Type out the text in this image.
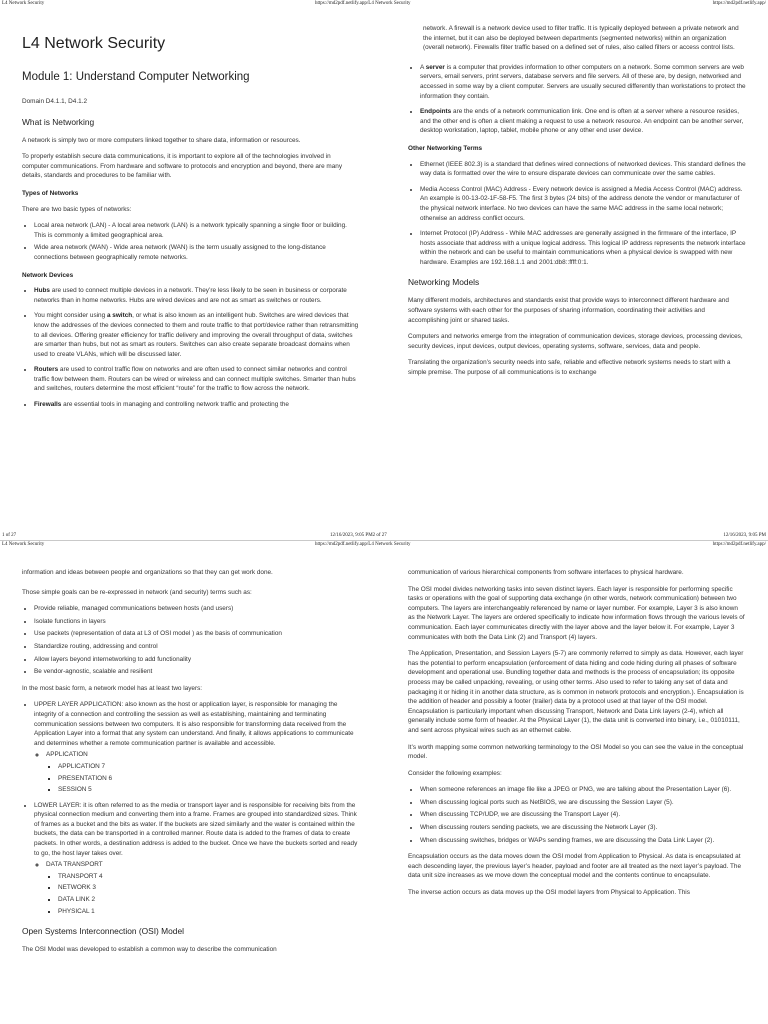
L4 Network Security	https://md2pdf.netlify.app/L4 Network Security	https://md2pdf.netlify.app/
L4 Network Security
Module 1: Understand Computer Networking

Domain D4.1.1, D4.1.2

What is Networking

A network is simply two or more computers linked together to share data, information or resources.

To properly establish secure data communications, it is important to explore all of the technologies involved in computer communications. From hardware and software to protocols and encryption and beyond, there are many details, standards and procedures to be familiar with.

Types of Networks

There are two basic types of networks:

• Local area network (LAN) - A local area network (LAN) is a network typically spanning a single floor or building. This is commonly a limited geographical area.
• Wide area network (WAN) - Wide area network (WAN) is the term usually assigned to the long-distance connections between geographically remote networks.
Network Devices
• Hubs are used to connect multiple devices in a network. They’re less likely to be seen in business or corporate networks than in home networks. Hubs are wired devices and are not as smart as switches or routers.
• You might consider using a switch, or what is also known as an intelligent hub. Switches are wired devices that know the addresses of the devices connected to them and route traffic to that port/device rather than retransmitting to all devices. Offering greater efficiency for traffic delivery and improving the overall throughput of data, switches are smarter than hubs, but not as smart as routers. Switches can also create separate broadcast domains when used to create VLANs, which will be discussed later.
• Routers are used to control traffic flow on networks and are often used to connect similar networks and control traffic flow between them. Routers can be wired or wireless and can connect multiple switches. Smarter than hubs and switches, routers determine the most efficient “route” for the traffic to flow across the network.
• Firewalls are essential tools in managing and controlling network traffic and protecting the

network. A firewall is a network device used to filter traffic. It is typically deployed between a private network and the internet, but it can also be deployed between departments (segmented networks) within an organization (overall network). Firewalls filter traffic based on a defined set of rules, also called filters or access control lists.

• A server is a computer that provides information to other computers on a network. Some common servers are web servers, email servers, print servers, database servers and file servers. All of these are, by design, networked and accessed in some way by a client computer. Servers are usually secured differently than workstations to protect the information they contain.
• Endpoints are the ends of a network communication link. One end is often at a server where a resource resides, and the other end is often a client making a request to use a network resource. An endpoint can be another server, desktop workstation, laptop, tablet, mobile phone or any other end user device.
Other Networking Terms
• Ethernet (IEEE 802.3) is a standard that defines wired connections of networked devices. This standard defines the way data is formatted over the wire to ensure disparate devices can communicate over the same cables.
• Media Access Control (MAC) Address - Every network device is assigned a Media Access Control (MAC) address. An example is 00-13-02-1F-58-F5. The first 3 bytes (24 bits) of the address denote the vendor or manufacturer of the physical network interface. No two devices can have the same MAC address in the same local network; otherwise an address conflict occurs.
• Internet Protocol (IP) Address - While MAC addresses are generally assigned in the firmware of the interface, IP hosts associate that address with a unique logical address. This logical IP address represents the network interface within the network and can be useful to maintain communications when a physical device is swapped with new hardware. Examples are 192.168.1.1 and 2001:db8::ffff:0:1.
Networking Models

Many different models, architectures and standards exist that provide ways to interconnect different hardware and software systems with each other for the purposes of sharing information, coordinating their activities and accomplishing joint or shared tasks.

Computers and networks emerge from the integration of communication devices, storage devices, processing devices, security devices, input devices, output devices, operating systems, software, services, data and people.

Translating the organization’s security needs into safe, reliable and effective network systems needs to start with a simple premise. The purpose of all communications is to exchange

1 of 27	12/16/2023, 9:05 PM2 of 27	12/16/2023, 9:05 PM
L4 Network Security	https://md2pdf.netlify.app/L4 Network Security	https://md2pdf.netlify.app/

information and ideas between people and organizations so that they can get work done.

Those simple goals can be re-expressed in network (and security) terms such as:

• Provide reliable, managed communications between hosts (and users)
• Isolate functions in layers
• Use packets (representation of data at L3 of OSI model ) as the basis of communication
• Standardize routing, addressing and control
• Allow layers beyond internetworking to add functionality
• Be vendor-agnostic, scalable and resilient

In the most basic form, a network model has at least two layers:

• UPPER LAYER APPLICATION: also known as the host or application layer, is responsible for managing the integrity of a connection and controlling the session as well as establishing, maintaining and terminating communication sessions between two computers. It is also responsible for transforming data received from the Application Layer into a format that any system can understand. And finally, it allows applications to communicate and determines whether a remote communication partner is available and accessible.
◦ APPLICATION
▪ APPLICATION 7
▪ PRESENTATION 6
▪ SESSION 5
• LOWER LAYER: it is often referred to as the media or transport layer and is responsible for receiving bits from the physical connection medium and converting them into a frame. Frames are grouped into standardized sizes. Think of frames as a bucket and the bits as water. If the buckets are sized similarly and the water is contained within the buckets, the data can be transported in a controlled manner. Route data is added to the frames of data to create packets. In other words, a destination address is added to the bucket. Once we have the buckets sorted and ready to go, the host layer takes over.
◦ DATA TRANSPORT
▪ TRANSPORT 4
▪ NETWORK 3
▪ DATA LINK 2
▪ PHYSICAL 1
Open Systems Interconnection (OSI) Model

The OSI Model was developed to establish a common way to describe the communication

communication of various hierarchical components from software interfaces to physical hardware.

The OSI model divides networking tasks into seven distinct layers. Each layer is responsible for performing specific tasks or operations with the goal of supporting data exchange (in other words, network communication) between two computers. The layers are interchangeably referenced by name or layer number. For example, Layer 3 is also known as the Network Layer. The layers are ordered specifically to indicate how information flows through the various levels of communication. Each layer communicates directly with the layer above and the layer below it. For example, Layer 3 communicates with both the Data Link (2) and Transport (4) layers.

The Application, Presentation, and Session Layers (5-7) are commonly referred to simply as data. However, each layer has the potential to perform encapsulation (enforcement of data hiding and code hiding during all phases of software development and operational use. Bundling together data and methods is the process of encapsulation; its opposite process may be called unpacking, revealing, or using other terms. Also used to refer to taking any set of data and packaging it or hiding it in another data structure, as is common in network protocols and encryption.). Encapsulation is the addition of header and possibly a footer (trailer) data by a protocol used at that layer of the OSI model. Encapsulation is particularly important when discussing Transport, Network and Data Link layers (2-4), which all generally include some form of header. At the Physical Layer (1), the data unit is converted into binary, i.e., 01010111, and sent across physical wires such as an ethernet cable.

It’s worth mapping some common networking terminology to the OSI Model so you can see the value in the conceptual model.

Consider the following examples:

• When someone references an image file like a JPEG or PNG, we are talking about the Presentation Layer (6).
• When discussing logical ports such as NetBIOS, we are discussing the Session Layer (5).
• When discussing TCP/UDP, we are discussing the Transport Layer (4).
• When discussing routers sending packets, we are discussing the Network Layer (3).
• When discussing switches, bridges or WAPs sending frames, we are discussing the Data Link Layer (2).

Encapsulation occurs as the data moves down the OSI model from Application to Physical. As data is encapsulated at each descending layer, the previous layer’s header, payload and footer are all treated as the next layer’s payload. The data unit size increases as we move down the conceptual model and the contents continue to encapsulate.

The inverse action occurs as data moves up the OSI model layers from Physical to Application. This
